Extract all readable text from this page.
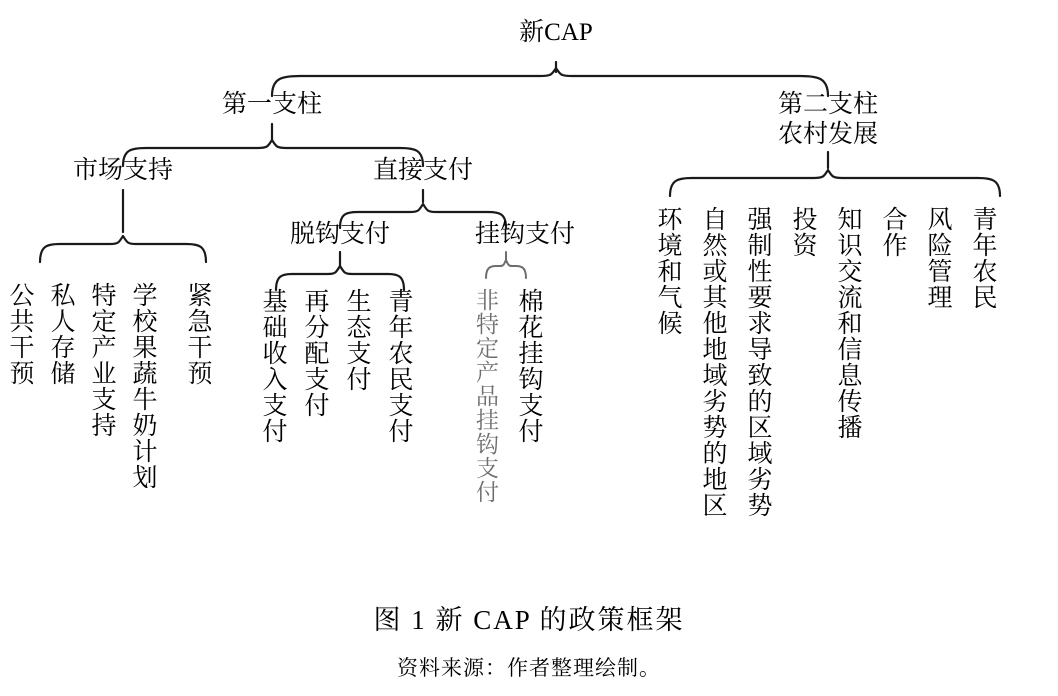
新CAP
第一支柱	第二支柱
农村发展
市场支持	直接支付
脱钩支付	挂钩支付
公共干预 私人存储 特定产业支持 学校果蔬牛奶计划 紧急干预 基础收入支付 再分配支付 生态支付 青年农民支付	非特定产品挂钩支付 棉花挂钩支付
环境和气候 自然或其他地域劣势的地区 强制性要求导致的区域劣势 投资 知识交流和信息传播 合作 风险管理 青年农民
图 1 新 CAP 的政策框架
资料来源：作者整理绘制。
